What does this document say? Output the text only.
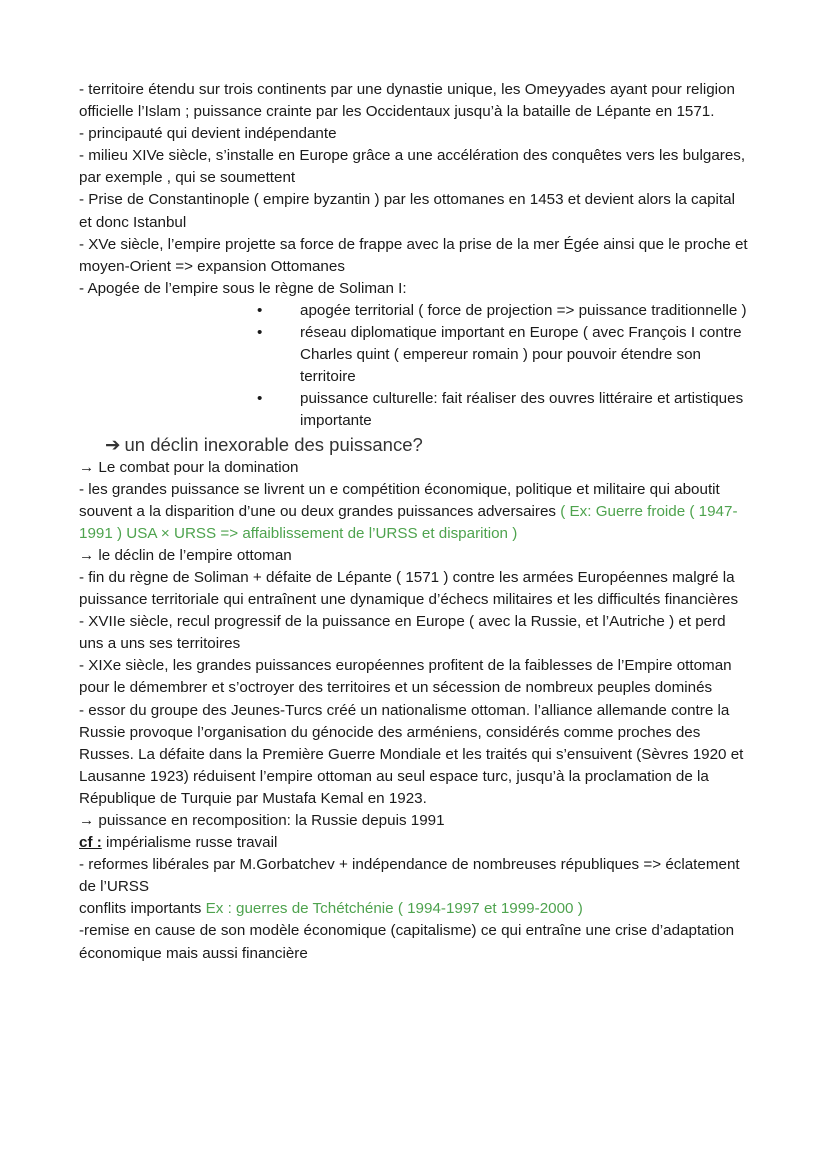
- territoire étendu sur trois continents par une dynastie unique, les Omeyyades ayant pour religion officielle l’Islam ; puissance crainte par les Occidentaux jusqu’à la bataille de Lépante en 1571.

- principauté qui devient indépendante

- milieu XIVe siècle, s’installe en Europe grâce a une accélération des conquêtes vers les bulgares, par exemple , qui se soumettent

- Prise de Constantinople ( empire byzantin ) par les ottomanes en 1453 et devient alors la capital et donc Istanbul

- XVe siècle, l’empire projette sa force de frappe avec la prise de la mer Égée ainsi que le proche et moyen-Orient => expansion Ottomanes

- Apogée de l’empire sous le règne de Soliman I:

• apogée territorial ( force de projection => puissance traditionnelle )
• réseau diplomatique important en Europe ( avec François I contre Charles quint ( empereur romain ) pour pouvoir étendre son territoire
• puissance culturelle: fait réaliser des ouvres littéraire et artistiques importante

➔ un déclin inexorable des puissance?

→ Le combat pour la domination

- les grandes puissance se livrent un e compétition économique, politique et militaire qui aboutit souvent a la disparition d’une ou deux grandes puissances adversaires ( Ex: Guerre froide ( 1947- 1991 ) USA × URSS => affaiblissement de l’URSS et disparition )

→ le déclin de l’empire ottoman

- fin du règne de Soliman + défaite de Lépante ( 1571 ) contre les armées Européennes malgré la puissance territoriale qui entraînent une dynamique d’échecs militaires et les difficultés financières

- XVIIe siècle, recul progressif de la puissance en Europe ( avec la Russie, et l’Autriche ) et perd uns a uns ses territoires

- XIXe siècle, les grandes puissances européennes profitent de la faiblesses de l’Empire ottoman pour le démembrer et s’octroyer des territoires et un sécession de nombreux peuples dominés

- essor du groupe des Jeunes-Turcs créé un nationalisme ottoman. l’alliance allemande contre la Russie provoque l’organisation du génocide des arméniens, considérés comme proches des Russes. La défaite dans la Première Guerre Mondiale et les traités qui s’ensuivent (Sèvres 1920 et Lausanne 1923) réduisent l’empire ottoman au seul espace turc, jusqu’à la proclamation de la République de Turquie par Mustafa Kemal en 1923.

→ puissance en recomposition: la Russie depuis 1991

cf : impérialisme russe travail

- reformes libérales par M.Gorbatchev + indépendance de nombreuses républiques => éclatement de l’URSS

conflits importants Ex : guerres de Tchétchénie ( 1994-1997 et 1999-2000 )

-remise en cause de son modèle économique (capitalisme) ce qui entraîne une crise d’adaptation économique mais aussi financière
